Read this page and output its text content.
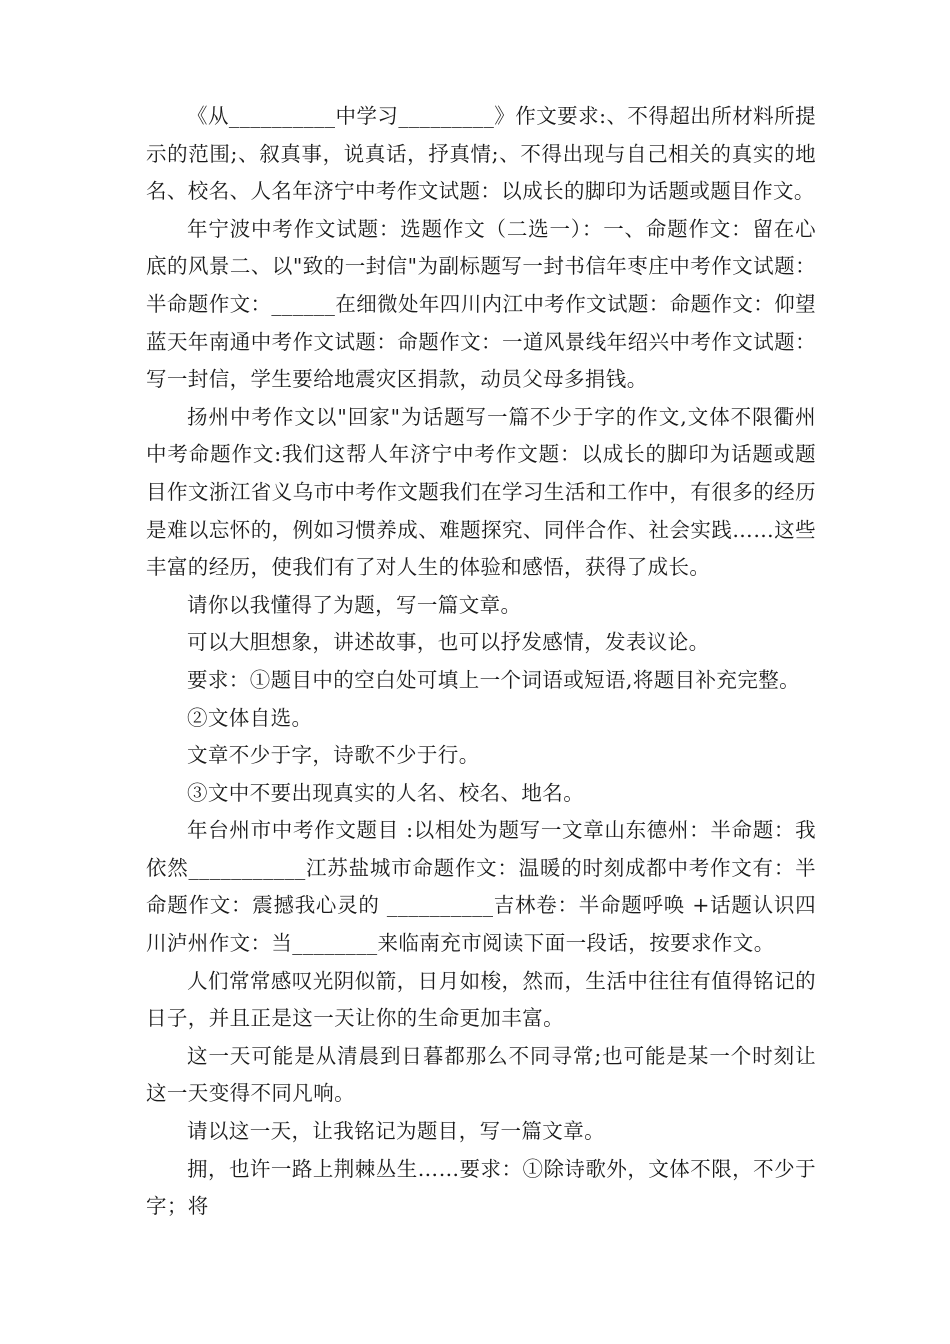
《从__________中学习_________》作文要求:、不得超出所材料所提示的范围;、叙真事，说真话，抒真情;、不得出现与自己相关的真实的地名、校名、人名年济宁中考作文试题：以成长的脚印为话题或题目作文。

年宁波中考作文试题：选题作文（二选一）：一、命题作文：留在心底的风景二、以"致的一封信"为副标题写一封书信年枣庄中考作文试题：半命题作文：______在细微处年四川内江中考作文试题：命题作文：仰望蓝天年南通中考作文试题：命题作文：一道风景线年绍兴中考作文试题：写一封信，学生要给地震灾区捐款，动员父母多捐钱。

扬州中考作文以"回家"为话题写一篇不少于字的作文,文体不限衢州中考命题作文:我们这帮人年济宁中考作文题：以成长的脚印为话题或题目作文浙江省义乌市中考作文题我们在学习生活和工作中，有很多的经历是难以忘怀的，例如习惯养成、难题探究、同伴合作、社会实践……这些丰富的经历，使我们有了对人生的体验和感悟，获得了成长。

请你以我懂得了为题，写一篇文章。

可以大胆想象，讲述故事，也可以抒发感情，发表议论。

要求：①题目中的空白处可填上一个词语或短语,将题目补充完整。

②文体自选。

文章不少于字，诗歌不少于行。

③文中不要出现真实的人名、校名、地名。

年台州市中考作文题目 :以相处为题写一文章山东德州：半命题：我依然___________江苏盐城市命题作文：温暖的时刻成都中考作文有：半命题作文：震撼我心灵的 __________吉林卷：半命题呼唤 +话题认识四川泸州作文：当________来临南充市阅读下面一段话，按要求作文。

人们常常感叹光阴似箭，日月如梭，然而，生活中往往有值得铭记的日子，并且正是这一天让你的生命更加丰富。

这一天可能是从清晨到日暮都那么不同寻常;也可能是某一个时刻让这一天变得不同凡响。

请以这一天，让我铭记为题目，写一篇文章。

拥，也许一路上荆棘丛生……要求：①除诗歌外，文体不限，不少于字；将
